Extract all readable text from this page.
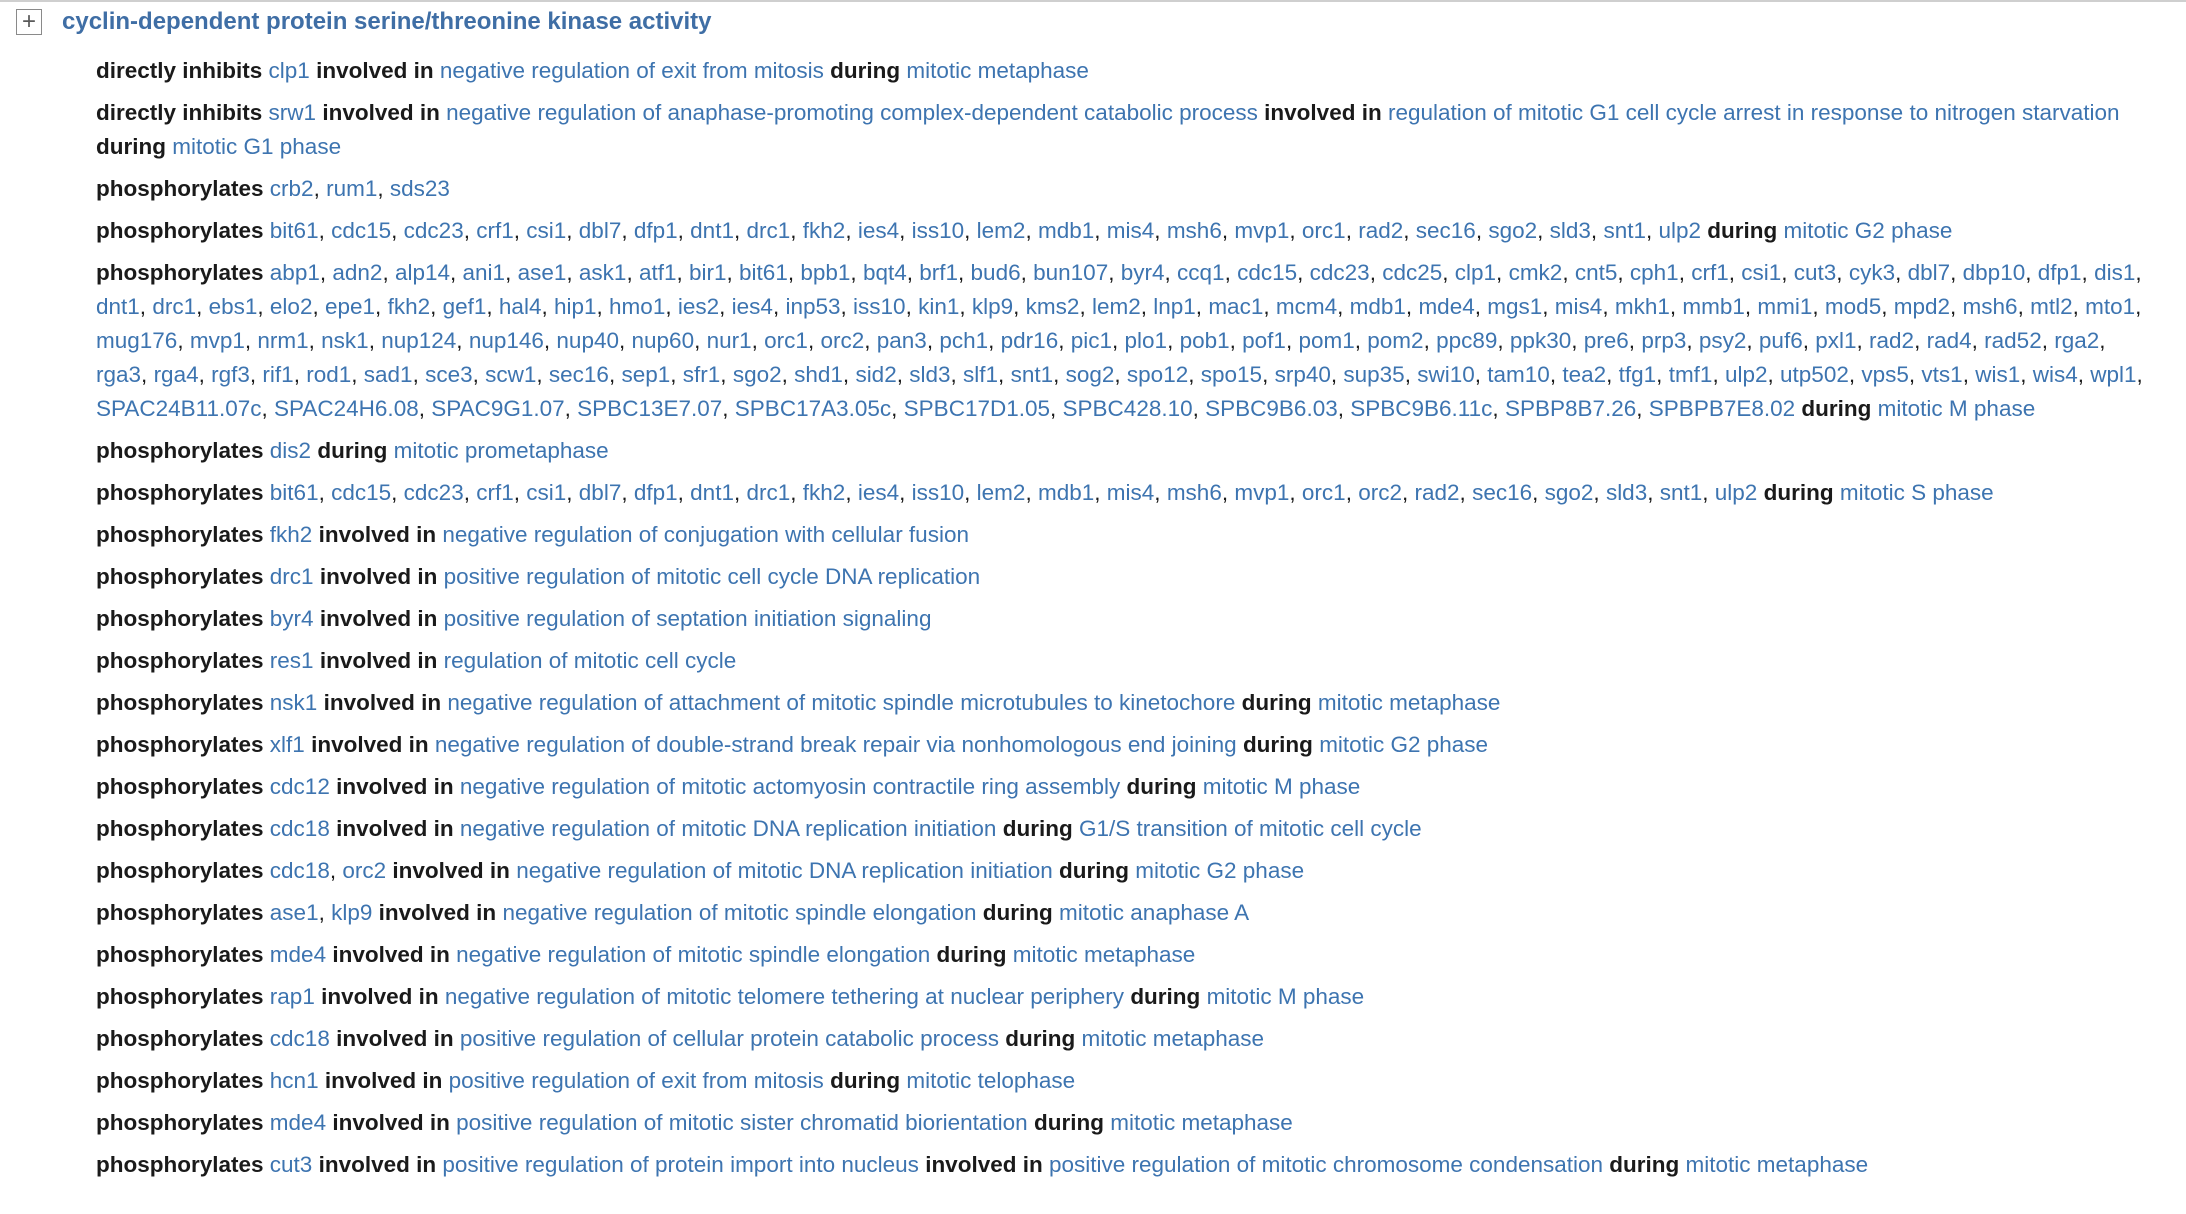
+ cyclin-dependent protein serine/threonine kinase activity
directly inhibits clp1 involved in negative regulation of exit from mitosis during mitotic metaphase
directly inhibits srw1 involved in negative regulation of anaphase-promoting complex-dependent catabolic process involved in regulation of mitotic G1 cell cycle arrest in response to nitrogen starvation during mitotic G1 phase
phosphorylates crb2, rum1, sds23
phosphorylates bit61, cdc15, cdc23, crf1, csi1, dbl7, dfp1, dnt1, drc1, fkh2, ies4, iss10, lem2, mdb1, mis4, msh6, mvp1, orc1, rad2, sec16, sgo2, sld3, snt1, ulp2 during mitotic G2 phase
phosphorylates abp1, adn2, alp14, ani1, ase1, ask1, atf1, bir1, bit61, bpb1, bqt4, brf1, bud6, bun107, byr4, ccq1, cdc15, cdc23, cdc25, clp1, cmk2, cnt5, cph1, crf1, csi1, cut3, cyk3, dbl7, dbp10, dfp1, dis1, dnt1, drc1, ebs1, elo2, epe1, fkh2, gef1, hal4, hip1, hmo1, ies2, ies4, inp53, iss10, kin1, klp9, kms2, lem2, lnp1, mac1, mcm4, mdb1, mde4, mgs1, mis4, mkh1, mmb1, mmi1, mod5, mpd2, msh6, mtl2, mto1, mug176, mvp1, nrm1, nsk1, nup124, nup146, nup40, nup60, nur1, orc1, orc2, pan3, pch1, pdr16, pic1, plo1, pob1, pof1, pom1, pom2, ppc89, ppk30, pre6, prp3, psy2, puf6, pxl1, rad2, rad4, rad52, rga2, rga3, rga4, rgf3, rif1, rod1, sad1, sce3, scw1, sec16, sep1, sfr1, sgo2, shd1, sid2, sld3, slf1, snt1, sog2, spo12, spo15, srp40, sup35, swi10, tam10, tea2, tfg1, tmf1, ulp2, utp502, vps5, vts1, wis1, wis4, wpl1, SPAC24B11.07c, SPAC24H6.08, SPAC9G1.07, SPBC13E7.07, SPBC17A3.05c, SPBC17D1.05, SPBC428.10, SPBC9B6.03, SPBC9B6.11c, SPBP8B7.26, SPBPB7E8.02 during mitotic M phase
phosphorylates dis2 during mitotic prometaphase
phosphorylates bit61, cdc15, cdc23, crf1, csi1, dbl7, dfp1, dnt1, drc1, fkh2, ies4, iss10, lem2, mdb1, mis4, msh6, mvp1, orc1, orc2, rad2, sec16, sgo2, sld3, snt1, ulp2 during mitotic S phase
phosphorylates fkh2 involved in negative regulation of conjugation with cellular fusion
phosphorylates drc1 involved in positive regulation of mitotic cell cycle DNA replication
phosphorylates byr4 involved in positive regulation of septation initiation signaling
phosphorylates res1 involved in regulation of mitotic cell cycle
phosphorylates nsk1 involved in negative regulation of attachment of mitotic spindle microtubules to kinetochore during mitotic metaphase
phosphorylates xlf1 involved in negative regulation of double-strand break repair via nonhomologous end joining during mitotic G2 phase
phosphorylates cdc12 involved in negative regulation of mitotic actomyosin contractile ring assembly during mitotic M phase
phosphorylates cdc18 involved in negative regulation of mitotic DNA replication initiation during G1/S transition of mitotic cell cycle
phosphorylates cdc18, orc2 involved in negative regulation of mitotic DNA replication initiation during mitotic G2 phase
phosphorylates ase1, klp9 involved in negative regulation of mitotic spindle elongation during mitotic anaphase A
phosphorylates mde4 involved in negative regulation of mitotic spindle elongation during mitotic metaphase
phosphorylates rap1 involved in negative regulation of mitotic telomere tethering at nuclear periphery during mitotic M phase
phosphorylates cdc18 involved in positive regulation of cellular protein catabolic process during mitotic metaphase
phosphorylates hcn1 involved in positive regulation of exit from mitosis during mitotic telophase
phosphorylates mde4 involved in positive regulation of mitotic sister chromatid biorientation during mitotic metaphase
phosphorylates cut3 involved in positive regulation of protein import into nucleus involved in positive regulation of mitotic chromosome condensation during mitotic metaphase
